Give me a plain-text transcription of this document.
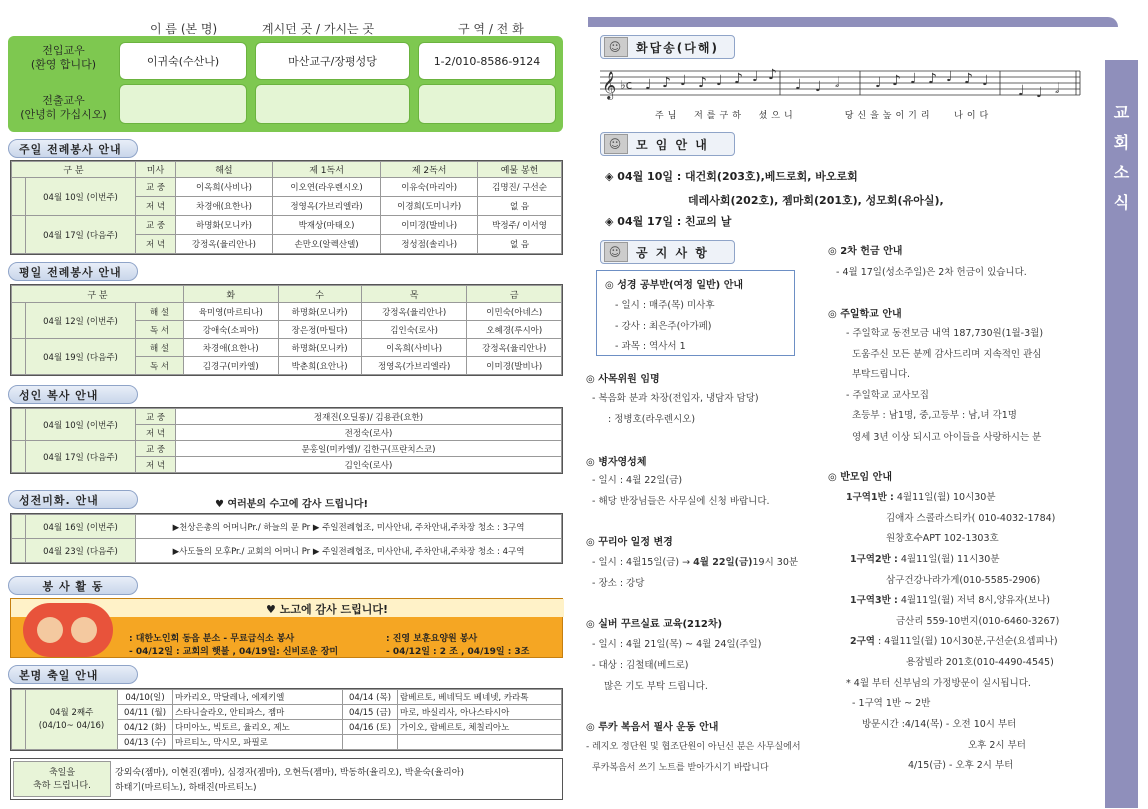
이 름 (본 명)	계시던 곳 / 가시는 곳	구 역 / 전 화
전입교우
(환영 합니다)	이귀숙(수산나)	마산교구/장평성당	1-2/010-8586-9124
전출교우
(안녕히 가십시오)
주일 전례봉사 안내
구 분		미사	해설	제 1독서	제 2독서	예물 봉헌
	04월 10일 (이번주)	교 중	이옥희(사비나)	이오연(라우렌시오)	이유숙(마리아)	김명진/ 구선순
		저 녁	차경애(요한나)	정영옥(가브리엘라)	이경희(도미니카)	없 음
	04월 17일 (다음주)	교 중	하명화(모니카)	박재상(마태오)	이미경(발비나)	박정주/ 이서영
		저 녁	강정옥(율리안나)	손만오(알렉산델)	정성점(솔리나)	없 음
평일 전례봉사 안내
구 분			화	수	목	금
	04월 12일 (이번주)	해 설	육미영(마르티나)	하명화(모니카)	강정옥(율리안나)	이민숙(아네스)
		독 서	강애숙(소피아)	장은정(마틸다)	김인숙(로사)	오혜경(루시아)
	04월 19일 (다음주)	해 설	차경애(요한나)	하명화(모니카)	이옥희(사비나)	강정옥(율리안나)
		독 서	김경구(미카엘)	박춘희(요안나)	정영옥(가브리엘라)	이미경(발비나)
성인 복사 안내
	04월 10일 (이번주)	교 중	정재진(오딜롱)/ 김용관(요한)
		저 녁	전정숙(로사)
	04월 17일 (다음주)	교 중	문홍일(미카엘)/ 김한구(프란치스코)
		저 녁	김인숙(로사)
성전미화. 안내	♥ 여러분의 수고에 감사 드립니다!
	04월 16일 (이번주)	▶천상은총의 어머니Pr./ 하늘의 문 Pr ▶ 주일전례협조, 미사안내, 주차안내,주차장 청소 : 3구역
	04월 23일 (다음주)	▶사도들의 모후Pr./ 교회의 어머니 Pr ▶ 주일전례협조, 미사안내, 주차안내,주차장 청소 : 4구역
봉 사 활 동
♥ 노고에 감사 드립니다!
: 대한노인회 동읍 분소 - 무료급식소 봉사	: 진영 보훈요양원 봉사
- 04/12일 : 교회의 햇불 , 04/19일: 신비로운 장미	- 04/12일 : 2 조 , 04/19일 : 3조
본명 축일 안내

	04월 2째주
(04/10~ 04/16)	04/10(일)	마카리오, 막달레나, 에제키엘	04/14 (목)	람베르토, 베네딕도 베네넷, 카라톡
		04/11 (월)	스타니슬라오, 안티파스, 젬마	04/15 (금)	마로, 바실리사, 아나스타시아
		04/12 (화)	다미아노, 빅토르, 율리오, 제노	04/16 (토)	가이오, 람베르토, 체칠리아노
		04/13 (수)	마르티노, 막시모, 파필로		
축일을
축하 드립니다.
강외숙(젬마), 이현진(젬마), 심경자(젬마), 오현득(젬마), 박동하(율리오), 박윤숙(율리아)
하태기(마르티노), 하태진(마르티노)
교
회
소
식
☺	화답송(다해)
𝄞 ♭c ♩ ♪ ♩ ♪ ♩ ♪ ♩ ♪
♩ ♩ 𝅗𝅥	♩ ♪ ♩ ♪ ♩ ♪ ♩
♩ ♩ 𝅗𝅥
주님  저를구하  셨으니       당신을높이기리   나이다
☺	모 임 안 내
◈ 04월 10일 : 대건회(203호),베드로회, 바오로회
데레사회(202호), 젬마회(201호), 성모회(유아실),
◈ 04월 17일 : 친교의 날
☺	공 지 사 항
◎ 성경 공부반(여정 일반) 안내
- 일시 : 매주(목) 미사후
- 강사 : 최은주(아가페)
- 과목 : 역사서 1
◎ 사목위원 임명
- 복음화 분과 차장(전입자, 냉담자 담당)
: 정병호(라우렌시오)
◎ 병자영성체
- 일시 : 4월 22일(금)
- 해당 반장님들은 사무실에 신청 바랍니다.
◎ 꾸리아 일정 변경
- 일시 : 4월15일(금) → 4월 22일(금)19시 30분
- 장소 : 강당
◎ 실버 꾸르실료 교육(212차)
- 일시 : 4월 21일(목) ~ 4월 24일(주일)
- 대상 : 김철태(베드로)
많은 기도 부탁 드립니다.
◎ 루카 복음서 필사 운동 안내
- 레지오 정단원 및 협조단원이 아닌신 분은 사무실에서
루카복음서 쓰기 노트를 받아가시기 바랍니다
◎ 2차 헌금 안내
- 4월 17일(성소주일)은 2차 헌금이 있습니다.
◎ 주일학교 안내
- 주일학교 동전모금 내역 187,730원(1월-3월)
도움주신 모든 분께 감사드리며 지속적인 관심
부탁드립니다.
- 주일학교 교사모집
초등부 : 남1명, 중,고등부 : 남,녀 각1명
영세 3년 이상 되시고 아이들을 사랑하시는 분
◎ 반모임 안내
1구역1반 : 4월11일(월) 10시30분
김애자 스콜라스티카( 010-4032-1784)
원창호수APT 102-1303호
1구역2반 : 4월11일(월) 11시30분
삼구건강나라가게(010-5585-2906)
1구역3반 : 4월11일(월) 저녁 8시,양유자(보나)
금산리 559-10번지(010-6460-3267)
2구역 : 4월11일(월) 10시30분,구선순(요셉피나)
용잠빌라 201호(010-4490-4545)
* 4월 부터 신부님의 가정방문이 실시됩니다.
- 1구역 1반 ~ 2반
방문시간 :4/14(목) - 오전 10시 부터
오후 2시 부터
4/15(금) - 오후 2시 부터
